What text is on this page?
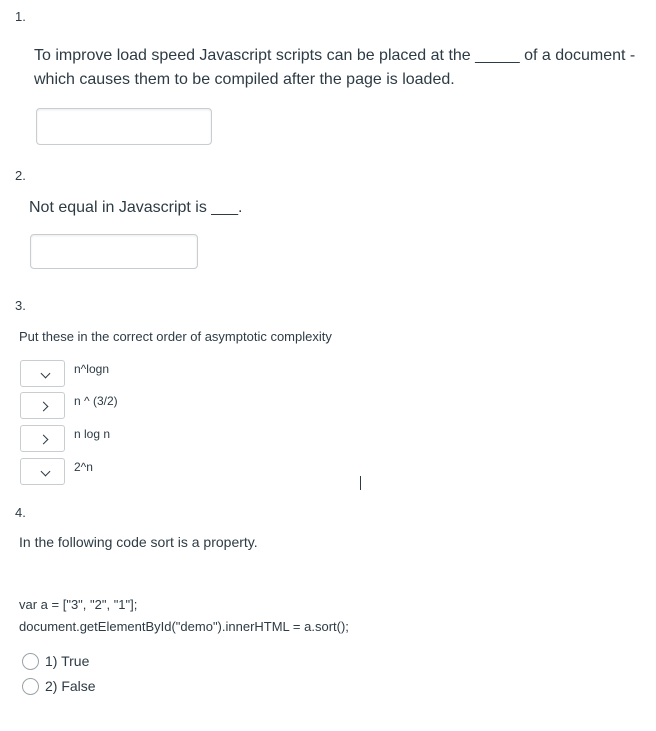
1.
To improve load speed Javascript scripts can be placed at the _____ of a document - which causes them to be compiled after the page is loaded.
2.
Not equal in Javascript is ___.
3.
Put these in the correct order of asymptotic complexity
n^logn
n ^ (3/2)
n log n
2^n
4.
In the following code sort is a property.
var a = ["3", "2", "1"];
document.getElementById("demo").innerHTML = a.sort();
1) True
2) False
